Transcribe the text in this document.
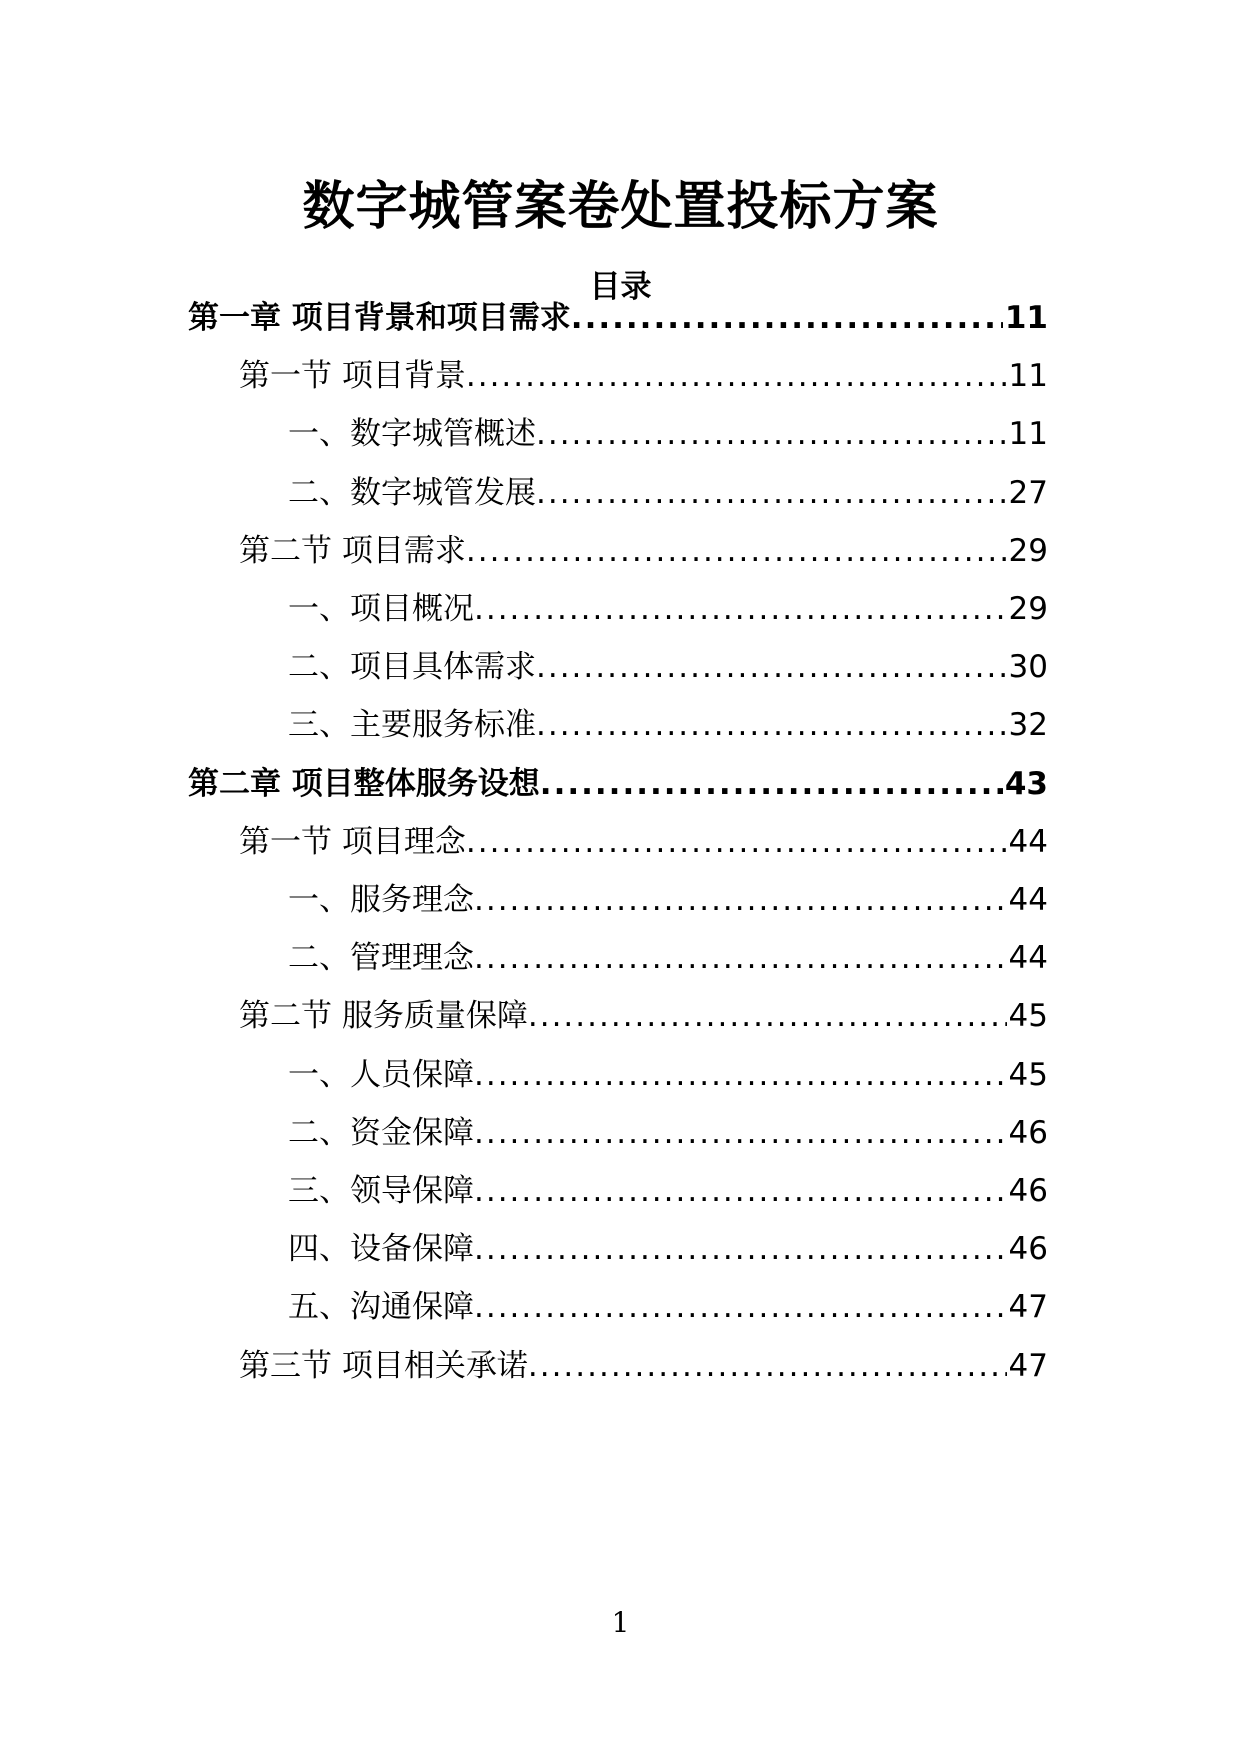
数字城管案卷处置投标方案
目录
第一章 项目背景和项目需求 .....	11
第一节 项目背景 .....	11
一、数字城管概述 .....	11
二、数字城管发展 .....	27
第二节 项目需求 .....	29
一、项目概况 .....	29
二、项目具体需求 .....	30
三、主要服务标准 .....	32
第二章 项目整体服务设想 .....	43
第一节 项目理念 .....	44
一、服务理念 .....	44
二、管理理念 .....	44
第二节 服务质量保障 .....	45
一、人员保障 .....	45
二、资金保障 .....	46
三、领导保障 .....	46
四、设备保障 .....	46
五、沟通保障 .....	47
第三节 项目相关承诺 .....	47
1
